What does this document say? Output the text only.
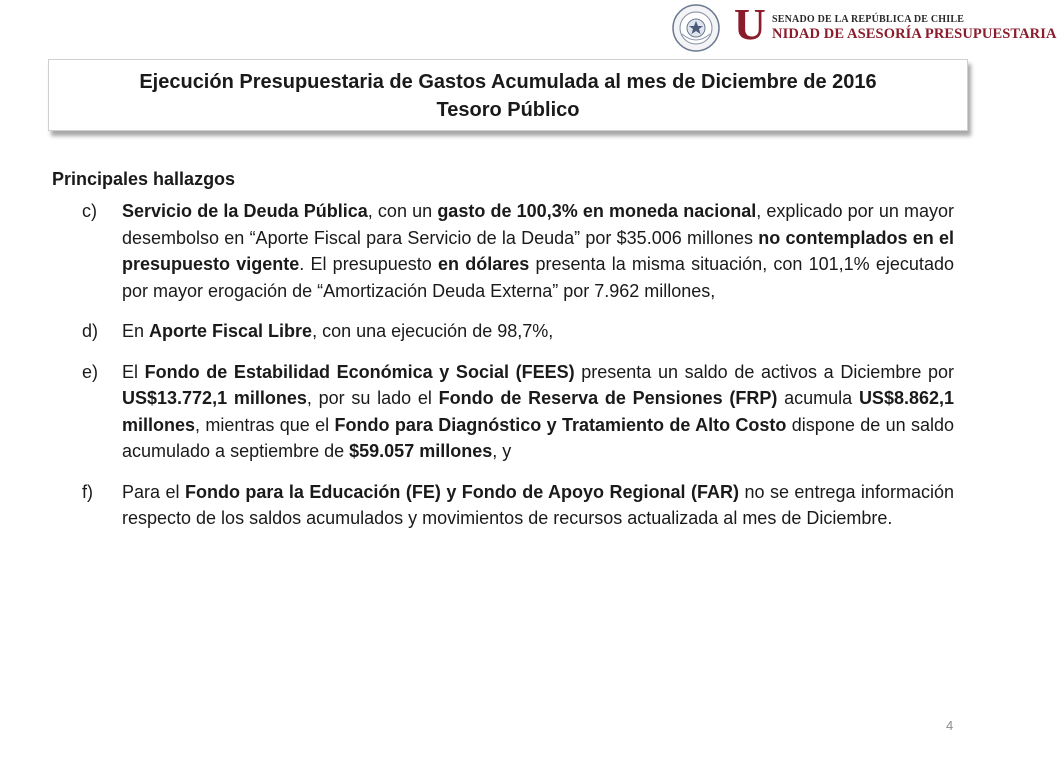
U SENADO DE LA REPÚBLICA DE CHILE
NIDAD DE ASESORÍA PRESUPUESTARIA
Ejecución Presupuestaria de Gastos Acumulada al mes de Diciembre de 2016
Tesoro Público
Principales hallazgos
c)	Servicio de la Deuda Pública, con un gasto de 100,3% en moneda nacional, explicado por un mayor desembolso en “Aporte Fiscal para Servicio de la Deuda” por $35.006 millones no contemplados en el presupuesto vigente. El presupuesto en dólares presenta la misma situación, con 101,1% ejecutado por mayor erogación de “Amortización Deuda Externa” por 7.962 millones,
d)	En Aporte Fiscal Libre, con una ejecución de 98,7%,
e)	El Fondo de Estabilidad Económica y Social (FEES) presenta un saldo de activos a Diciembre por US$13.772,1 millones, por su lado el Fondo de Reserva de Pensiones (FRP) acumula US$8.862,1 millones, mientras que el Fondo para Diagnóstico y Tratamiento de Alto Costo dispone de un saldo acumulado a septiembre de $59.057 millones, y
f)	Para el Fondo para la Educación (FE) y Fondo de Apoyo Regional (FAR) no se entrega información respecto de los saldos acumulados y movimientos de recursos actualizada al mes de Diciembre.
4
